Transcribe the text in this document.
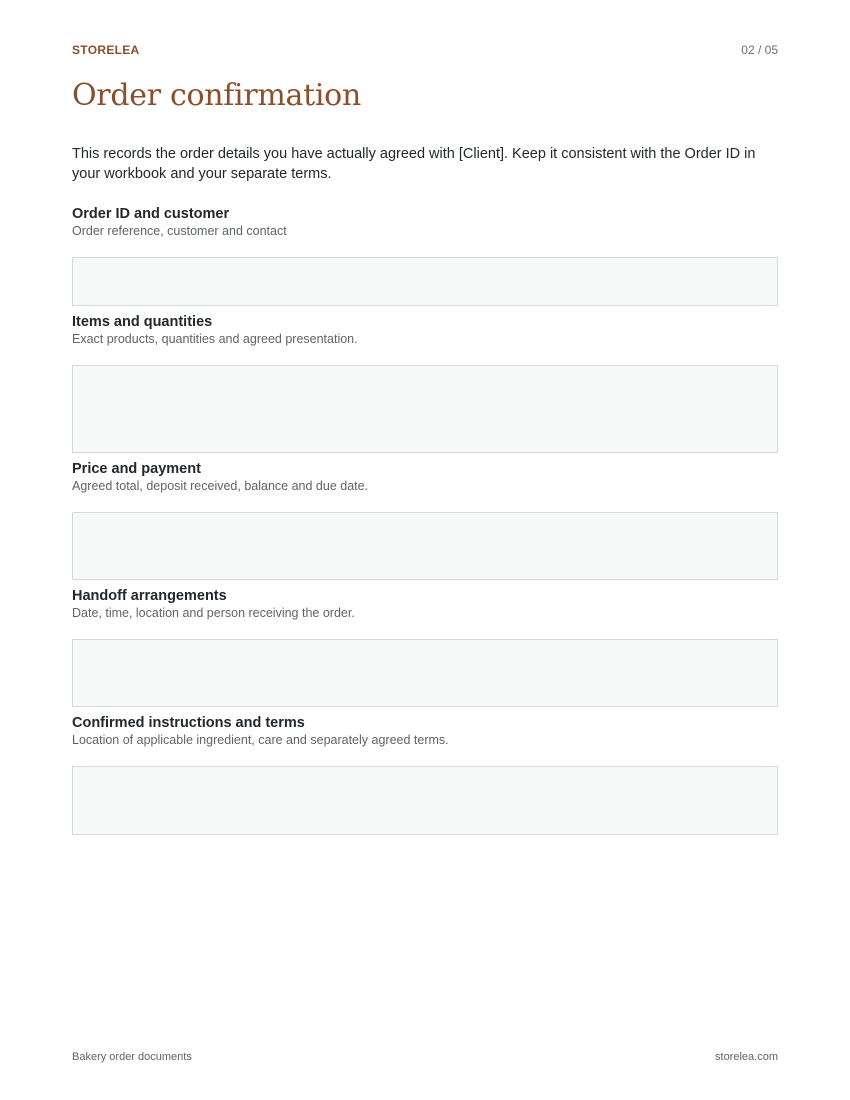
STORELEA	02 / 05
Order confirmation

This records the order details you have actually agreed with [Client]. Keep it consistent with the Order ID in your workbook and your separate terms.

Order ID and customer

Order reference, customer and contact

Items and quantities

Exact products, quantities and agreed presentation.

Price and payment

Agreed total, deposit received, balance and due date.

Handoff arrangements

Date, time, location and person receiving the order.

Confirmed instructions and terms

Location of applicable ingredient, care and separately agreed terms.

Bakery order documents	storelea.com
